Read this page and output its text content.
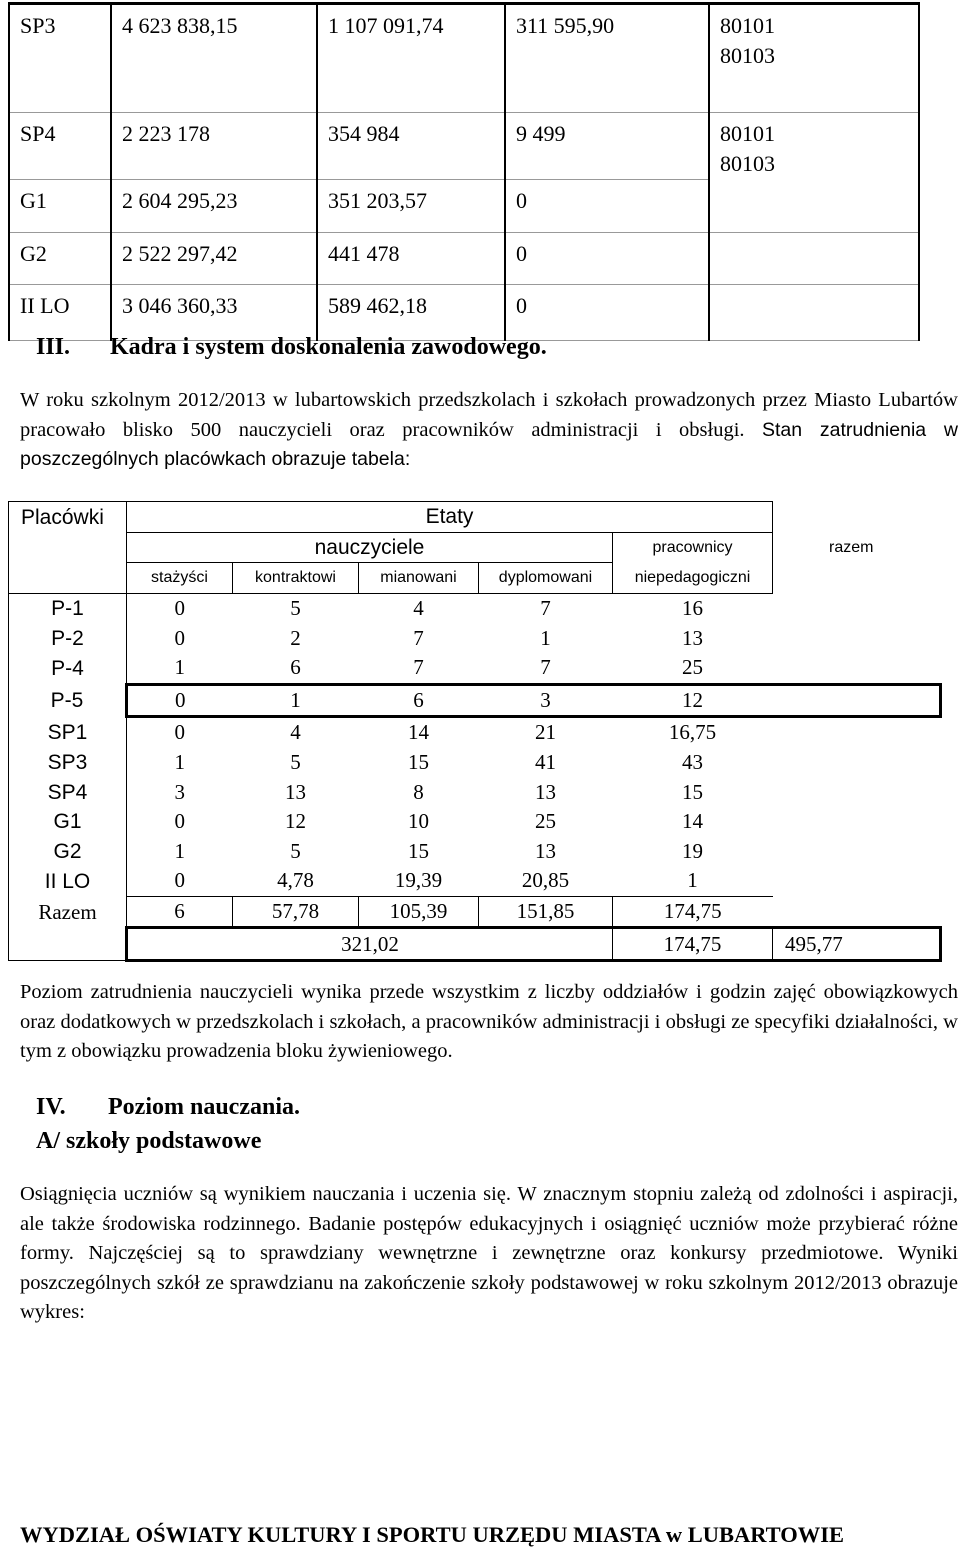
SP3	4 623 838,15	1 107 091,74	311 595,90	80101
80103
SP4	2 223 178	354 984	9 499	80101
80103
G1	2 604 295,23	351 203,57	0	
G2	2 522 297,42	441 478	0	
II LO	3 046 360,33	589 462,18	0	
III. Kadra i system doskonalenia zawodowego.
W roku szkolnym 2012/2013 w lubartowskich przedszkolach i szkołach prowadzonych przez Miasto Lubartów pracowało blisko 500 nauczycieli oraz pracowników administracji i obsługi. Stan zatrudnienia w poszczególnych placówkach obrazuje tabela:
Placówki	Etaty					
	nauczyciele				pracownicy	razem
	stażyści	kontraktowi	mianowani	dyplomowani	niepedagogiczni	
P-1	0	5	4	7	16	
P-2	0	2	7	1	13	
P-4	1	6	7	7	25	
P-5	0	1	6	3	12	
SP1	0	4	14	21	16,75	
SP3	1	5	15	41	43	
SP4	3	13	8	13	15	
G1	0	12	10	25	14	
G2	1	5	15	13	19	
II LO	0	4,78	19,39	20,85	1	
Razem	6	57,78	105,39	151,85	174,75	
	321,02				174,75	495,77
Poziom zatrudnienia nauczycieli wynika przede wszystkim z liczby oddziałów i godzin zajęć obowiązkowych oraz dodatkowych w przedszkolach i szkołach, a pracowników administracji i obsługi ze specyfiki działalności, w tym z obowiązku prowadzenia bloku żywieniowego.
IV. Poziom nauczania.
A/ szkoły podstawowe
Osiągnięcia uczniów są wynikiem nauczania i uczenia się. W znacznym stopniu zależą od zdolności i aspiracji, ale także środowiska rodzinnego. Badanie postępów edukacyjnych i osiągnięć uczniów może przybierać różne formy. Najczęściej są to sprawdziany wewnętrzne i zewnętrzne oraz konkursy przedmiotowe. Wyniki poszczególnych szkół ze sprawdzianu na zakończenie szkoły podstawowej w roku szkolnym 2012/2013 obrazuje wykres:
WYDZIAŁ OŚWIATY KULTURY I SPORTU URZĘDU MIASTA w LUBARTOWIE
